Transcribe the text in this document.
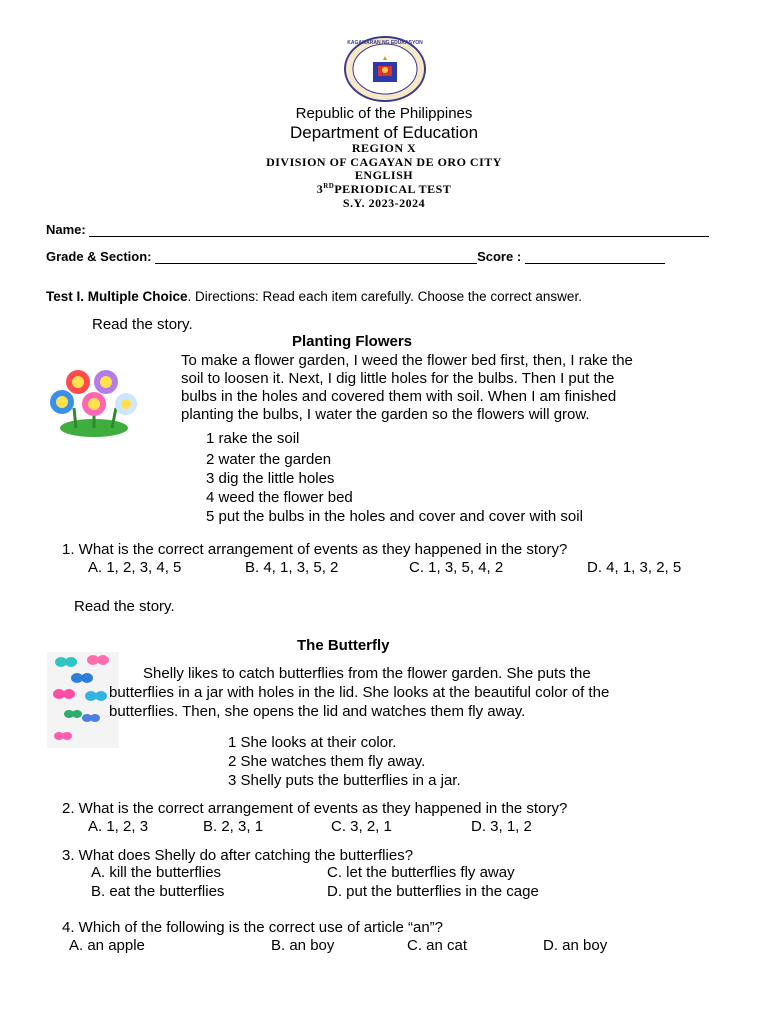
KAGAWARAN NG EDUKASYON
Republic of the Philippines
Department of Education
REGION X
DIVISION OF CAGAYAN DE ORO CITY
ENGLISH
3RDPERIODICAL TEST
S.Y. 2023-2024
Name:
Grade & Section:	Score :
Test I. Multiple Choice. Directions: Read each item carefully. Choose the correct answer.
Read the story.
Planting Flowers
To make a flower garden, I weed the flower bed first, then, I rake the
soil to loosen it. Next, I dig little holes for the bulbs. Then I put the
bulbs in the holes and covered them with soil. When I am finished
planting the bulbs, I water the garden so the flowers will grow.
1 rake the soil
2 water the garden
3 dig the little holes
4 weed the flower bed
5 put the bulbs in the holes and cover and cover with soil
1. What is the correct arrangement of events as they happened in the story?
A. 1, 2, 3, 4, 5	B. 4, 1, 3, 5, 2	C. 1, 3, 5, 4, 2	D. 4, 1, 3, 2, 5
Read the story.
The Butterfly
Shelly likes to catch butterflies from the flower garden. She puts the
butterflies in a jar with holes in the lid. She looks at the beautiful color of the
butterflies. Then, she opens the lid and watches them fly away.
1 She looks at their color.
2 She watches them fly away.
3 Shelly puts the butterflies in a jar.
2. What is the correct arrangement of events as they happened in the story?
A. 1, 2, 3	B. 2, 3, 1	C. 3, 2, 1	D. 3, 1, 2
3. What does Shelly do after catching the butterflies?
A. kill the butterflies	C. let the butterflies fly away
B. eat the butterflies	D. put the butterflies in the cage
4. Which of the following is the correct use of article “an”?
A. an apple	B. an boy	C. an cat	D. an boy
